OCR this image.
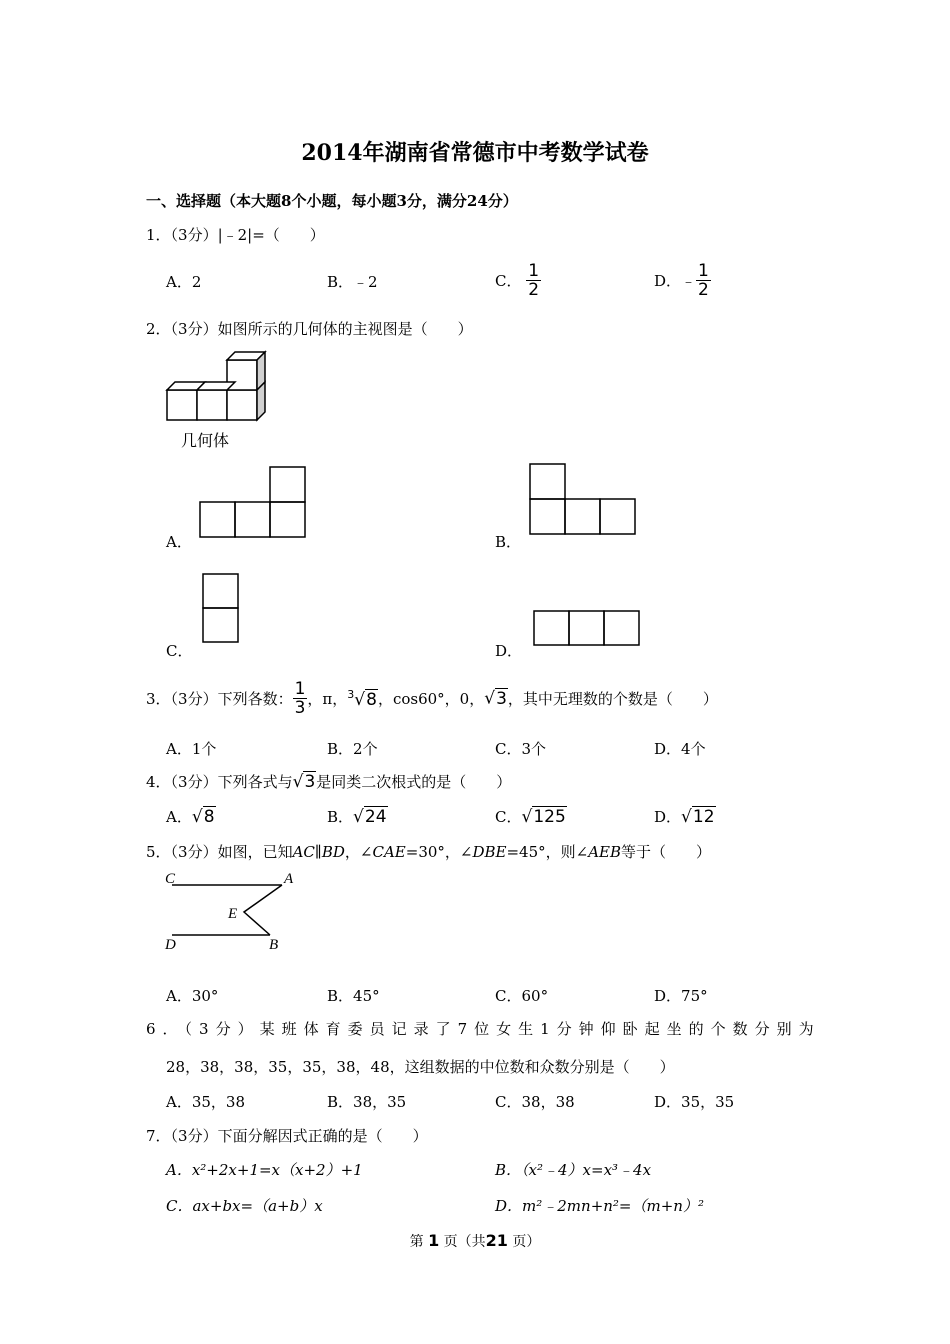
2014年湖南省常德市中考数学试卷
一、选择题（本大题8个小题，每小题3分，满分24分）
1．（3分）|﹣2|=（　　）
A．2	B．﹣2	C． $\frac{1}{2}$	D．﹣ $\frac{1}{2}$
2．（3分）如图所示的几何体的主视图是（　　）
几何体
A．	B．
C．	D．
3．（3分）下列各数： $\frac{1}{3}$ ，π，$^3$√8，cos60°，0，√3，其中无理数的个数是（　　）
A．1个	B．2个	C．3个	D．4个
4．（3分）下列各式与√3是同类二次根式的是（　　）
A．√8	B．√24	C．√125	D．√12
5．（3分）如图，已知AC∥BD，∠CAE=30°，∠DBE=45°，则∠AEB等于（　　）
C	A
E
D	B
A．30°	B．45°	C．60°	D．75°
6．（3分）某班体育委员记录了7位女生1分钟仰卧起坐的个数分别为
28，38，38，35，35，38，48，这组数据的中位数和众数分别是（　　）
A．35，38	B．38，35	C．38，38	D．35，35
7．（3分）下面分解因式正确的是（　　）
A．x²+2x+1=x（x+2）+1	B．（x²﹣4）x=x³﹣4x
C．ax+bx=（a+b）x	D．m²﹣2mn+n²=（m+n）²
第 1 页（共21 页）
